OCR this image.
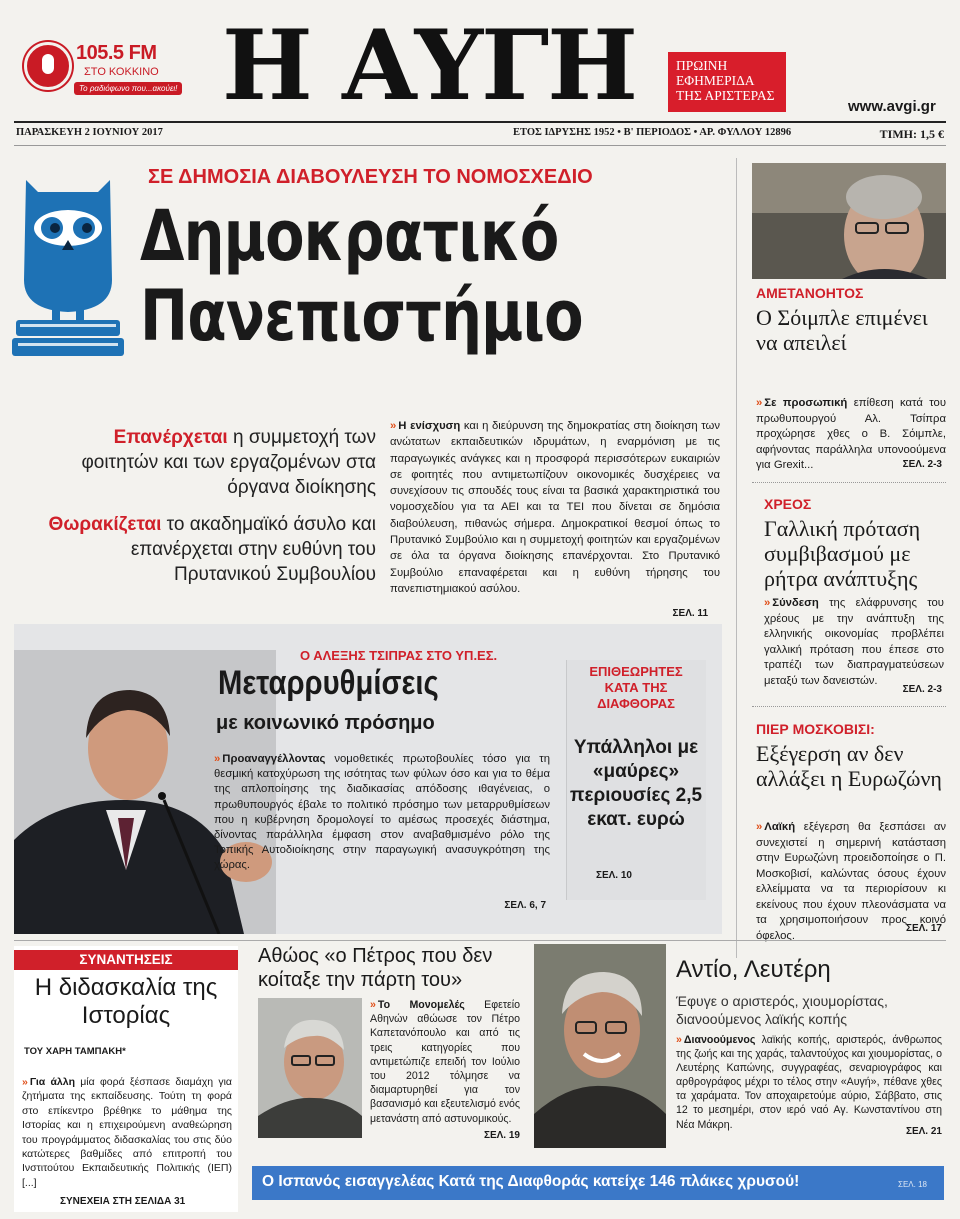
105.5 FM
ΣΤΟ ΚΟΚΚΙΝΟ
Το ραδιόφωνο που...ακούει! Η ΑΥΓΗ	ΠΡΩΙΝΗ
ΕΦΗΜΕΡΙΔΑ
ΤΗΣ ΑΡΙΣΤΕΡΑΣ
www.avgi.gr
ΠΑΡΑΣΚΕΥΗ 2 ΙΟΥΝΙΟΥ 2017	ΕΤΟΣ ΙΔΡΥΣΗΣ 1952 • Β' ΠΕΡΙΟΔΟΣ • ΑΡ. ΦΥΛΛΟΥ 12896	ΤΙΜΗ: 1,5 €
ΣΕ ΔΗΜΟΣΙΑ ΔΙΑΒΟΥΛΕΥΣΗ ΤΟ ΝΟΜΟΣΧΕΔΙΟ
Δημοκρατικό
Πανεπιστήμιο
Επανέρχεται η συμμετοχή των φοιτητών και των εργαζομένων στα όργανα διοίκησης
Θωρακίζεται το ακαδημαϊκό άσυλο και επανέρχεται στην ευθύνη του Πρυτανικού Συμβουλίου
» Η ενίσχυση και η διεύρυνση της δημοκρατίας στη διοίκηση των ανώτατων εκπαιδευτικών ιδρυμάτων, η εναρμόνιση με τις παραγωγικές ανάγκες και η προσφορά περισσότερων ευκαιριών σε φοιτητές που αντιμετωπίζουν οικονομικές δυσχέρειες να συνεχίσουν τις σπουδές τους είναι τα βασικά χαρακτηριστικά του νομοσχεδίου για τα ΑΕΙ και τα ΤΕΙ που δίνεται σε δημόσια διαβούλευση, πιθανώς σήμερα. Δημοκρατικοί θεσμοί όπως το Πρυτανικό Συμβούλιο και η συμμετοχή φοιτητών και εργαζομένων σε όλα τα όργανα διοίκησης επανέρχονται. Στο Πρυτανικό Συμβούλιο επαναφέρεται και η ευθύνη τήρησης του πανεπιστημιακού ασύλου.
ΣΕΛ. 11
ΑΜΕΤΑΝΟΗΤΟΣ
Ο Σόιμπλε επιμένει να απειλεί
» Σε προσωπική επίθεση κατά του πρωθυπουργού Αλ. Τσίπρα προχώρησε χθες ο Β. Σόιμπλε, αφήνοντας παράλληλα υπονοούμενα για Grexit...	ΣΕΛ. 2-3
ΧΡΕΟΣ
Γαλλική πρόταση συμβιβασμού με ρήτρα ανάπτυξης
» Σύνδεση της ελάφρυνσης του χρέους με την ανάπτυξη της ελληνικής οικονομίας προβλέπει γαλλική πρόταση που έπεσε στο τραπέζι των διαπραγματεύσεων μεταξύ των δανειστών.
ΣΕΛ. 2-3
ΠΙΕΡ ΜΟΣΚΟΒΙΣΙ:
Εξέγερση αν δεν αλλάξει η Ευρωζώνη
» Λαϊκή εξέγερση θα ξεσπάσει αν συνεχιστεί η σημερινή κατάσταση στην Ευρωζώνη προειδοποίησε ο Π. Μοσκοβισί, καλώντας όσους έχουν ελλείμματα να τα περιορίσουν κι εκείνους που έχουν πλεονάσματα να τα χρησιμοποιήσουν προς κοινό όφελος.
ΣΕΛ. 17
Ο ΑΛΕΞΗΣ ΤΣΙΠΡΑΣ ΣΤΟ ΥΠ.ΕΣ.
Μεταρρυθμίσεις
με κοινωνικό πρόσημο
» Προαναγγέλλοντας νομοθετικές πρωτοβουλίες τόσο για τη θεσμική κατοχύρωση της ισότητας των φύλων όσο και για το θέμα της απλοποίησης της διαδικασίας απόδοσης ιθαγένειας, ο πρωθυπουργός έβαλε το πολιτικό πρόσημο των μεταρρυθμίσεων που η κυβέρνηση δρομολογεί το αμέσως προσεχές διάστημα, δίνοντας παράλληλα έμφαση στον αναβαθμισμένο ρόλο της Τοπικής Αυτοδιοίκησης στην παραγωγική ανασυγκρότηση της χώρας.
ΣΕΛ. 6, 7
ΕΠΙΘΕΩΡΗΤΕΣ ΚΑΤΑ ΤΗΣ ΔΙΑΦΘΟΡΑΣ
Υπάλληλοι με «μαύρες» περιουσίες 2,5 εκατ. ευρώ
ΣΕΛ. 10
ΣΥΝΑΝΤΗΣΕΙΣ
Η διδασκαλία της Ιστορίας
ΤΟΥ ΧΑΡΗ ΤΑΜΠΑΚΗ*
» Για άλλη μία φορά ξέσπασε διαμάχη για ζητήματα της εκπαίδευσης. Τούτη τη φορά στο επίκεντρο βρέθηκε το μάθημα της Ιστορίας και η επιχειρούμενη αναθεώρηση του προγράμματος διδασκαλίας του στις δύο κατώτερες βαθμίδες από επιτροπή του Ινστιτούτου Εκπαιδευτικής Πολιτικής (ΙΕΠ)[...]
ΣΥΝΕΧΕΙΑ ΣΤΗ ΣΕΛΙΔΑ 31
Αθώος «ο Πέτρος που δεν κοίταξε την πάρτη του»
» Το Μονομελές Εφετείο Αθηνών αθώωσε τον Πέτρο Καπετανόπουλο και από τις τρεις κατηγορίες που αντιμετώπιζε επειδή τον Ιούλιο του 2012 τόλμησε να διαμαρτυρηθεί για τον βασανισμό και εξευτελισμό ενός μετανάστη από αστυνομικούς.
ΣΕΛ. 19
Αντίο, Λευτέρη
Έφυγε ο αριστερός, χιουμορίστας, διανοούμενος λαϊκής κοπής
» Διανοούμενος λαϊκής κοπής, αριστερός, άνθρωπος της ζωής και της χαράς, ταλαντούχος και χιουμορίστας, ο Λευτέρης Καπώνης, συγγραφέας, σεναριογράφος και αρθρογράφος μέχρι το τέλος στην «Αυγή», πέθανε χθες τα χαράματα. Τον αποχαιρετούμε αύριο, Σάββατο, στις 12 το μεσημέρι, στον ιερό ναό Αγ. Κωνσταντίνου στη Νέα Μάκρη.
ΣΕΛ. 21
Ο Ισπανός εισαγγελέας Κατά της Διαφθοράς κατείχε 146 πλάκες χρυσού!	ΣΕΛ. 18
